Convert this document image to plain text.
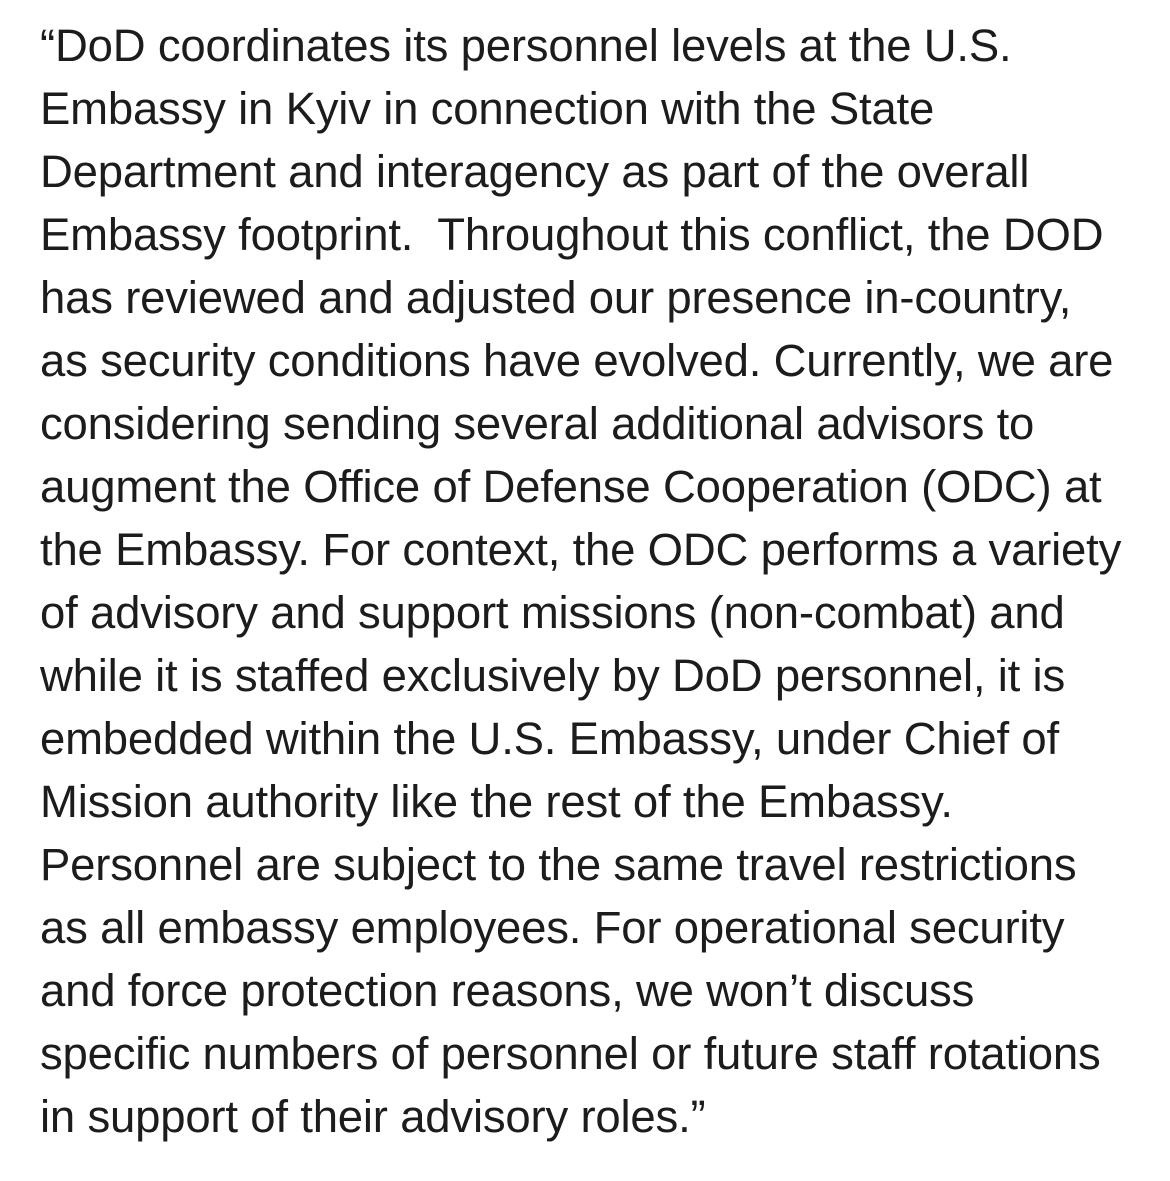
“DoD coordinates its personnel levels at the U.S. Embassy in Kyiv in connection with the State Department and interagency as part of the overall Embassy footprint.  Throughout this conflict, the DOD has reviewed and adjusted our presence in-country, as security conditions have evolved. Currently, we are considering sending several additional advisors to augment the Office of Defense Cooperation (ODC) at the Embassy. For context, the ODC performs a variety of advisory and support missions (non-combat) and while it is staffed exclusively by DoD personnel, it is embedded within the U.S. Embassy, under Chief of Mission authority like the rest of the Embassy. Personnel are subject to the same travel restrictions as all embassy employees. For operational security and force protection reasons, we won’t discuss specific numbers of personnel or future staff rotations in support of their advisory roles.”
